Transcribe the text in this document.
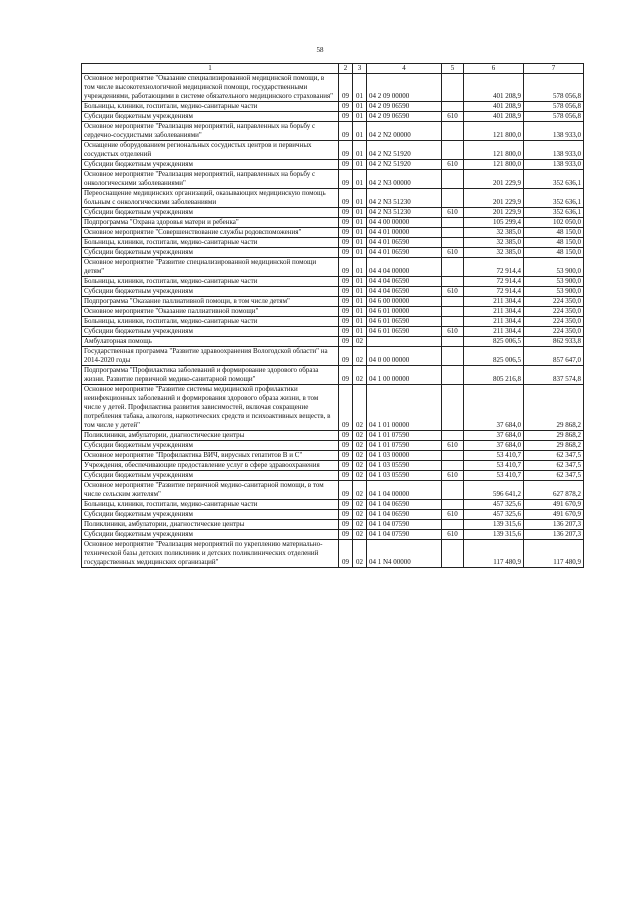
58
1	2	3	4	5	6	7
Основное мероприятие "Оказание специализированной медицинской помощи, в том числе высокотехнологичной медицинской помощи, государственными учреждениями, работающими в системе обязательного медицинского страхования"	09	01	04 2 09 00000		401 208,9	578 056,8
Больницы, клиники, госпитали, медико-санитарные части	09	01	04 2 09 06590		401 208,9	578 056,8
Субсидии бюджетным учреждениям	09	01	04 2 09 06590	610	401 208,9	578 056,8
Основное мероприятие "Реализация мероприятий, направленных на борьбу с сердечно-сосудистыми заболеваниями"	09	01	04 2 N2 00000		121 800,0	138 933,0
Оснащение оборудованием региональных сосудистых центров и первичных сосудистых отделений	09	01	04 2 N2 51920		121 800,0	138 933,0
Субсидии бюджетным учреждениям	09	01	04 2 N2 51920	610	121 800,0	138 933,0
Основное мероприятие "Реализация мероприятий, направленных на борьбу с онкологическими заболеваниями"	09	01	04 2 N3 00000		201 229,9	352 636,1
Переоснащение медицинских организаций, оказывающих медицинскую помощь больным с онкологическими заболеваниями	09	01	04 2 N3 51230		201 229,9	352 636,1
Субсидии бюджетным учреждениям	09	01	04 2 N3 51230	610	201 229,9	352 636,1
Подпрограмма "Охрана здоровья матери и ребенка"	09	01	04 4 00 00000		105 299,4	102 050,0
Основное мероприятие "Совершенствование службы родовспоможения"	09	01	04 4 01 00000		32 385,0	48 150,0
Больницы, клиники, госпитали, медико-санитарные части	09	01	04 4 01 06590		32 385,0	48 150,0
Субсидии бюджетным учреждениям	09	01	04 4 01 06590	610	32 385,0	48 150,0
Основное мероприятие "Развитие специализированной медицинской помощи детям"	09	01	04 4 04 00000		72 914,4	53 900,0
Больницы, клиники, госпитали, медико-санитарные части	09	01	04 4 04 06590		72 914,4	53 900,0
Субсидии бюджетным учреждениям	09	01	04 4 04 06590	610	72 914,4	53 900,0
Подпрограмма "Оказание паллиативной помощи, в том числе детям"	09	01	04 6 00 00000		211 304,4	224 350,0
Основное мероприятие "Оказание паллиативной помощи"	09	01	04 6 01 00000		211 304,4	224 350,0
Больницы, клиники, госпитали, медико-санитарные части	09	01	04 6 01 06590		211 304,4	224 350,0
Субсидии бюджетным учреждениям	09	01	04 6 01 06590	610	211 304,4	224 350,0
Амбулаторная помощь	09	02			825 006,5	862 933,8
Государственная программа "Развитие здравоохранения Вологодской области" на 2014-2020 годы	09	02	04 0 00 00000		825 006,5	857 647,0
Подпрограмма "Профилактика заболеваний и формирование здорового образа жизни. Развитие первичной медико-санитарной помощи"	09	02	04 1 00 00000		805 216,8	837 574,8
Основное мероприятие "Развитие системы медицинской профилактики неинфекционных заболеваний и формирования здорового образа жизни, в том числе у детей. Профилактика развития зависимостей, включая сокращение потребления табака, алкоголя, наркотических средств и психоактивных веществ, в том числе у детей"	09	02	04 1 01 00000		37 684,0	29 868,2
Поликлиники, амбулатории, диагностические центры	09	02	04 1 01 07590		37 684,0	29 868,2
Субсидии бюджетным учреждениям	09	02	04 1 01 07590	610	37 684,0	29 868,2
Основное мероприятие "Профилактика ВИЧ, вирусных гепатитов В и С"	09	02	04 1 03 00000		53 410,7	62 347,5
Учреждения, обеспечивающие предоставление услуг в сфере здравоохранения	09	02	04 1 03 05590		53 410,7	62 347,5
Субсидии бюджетным учреждениям	09	02	04 1 03 05590	610	53 410,7	62 347,5
Основное мероприятие "Развитие первичной медико-санитарной помощи, в том числе сельским жителям"	09	02	04 1 04 00000		596 641,2	627 878,2
Больницы, клиники, госпитали, медико-санитарные части	09	02	04 1 04 06590		457 325,6	491 670,9
Субсидии бюджетным учреждениям	09	02	04 1 04 06590	610	457 325,6	491 670,9
Поликлиники, амбулатории, диагностические центры	09	02	04 1 04 07590		139 315,6	136 207,3
Субсидии бюджетным учреждениям	09	02	04 1 04 07590	610	139 315,6	136 207,3
Основное мероприятие "Реализация мероприятий по укреплению материально-технической базы детских поликлиник и детских поликлинических отделений государственных медицинских организаций"	09	02	04 1 N4 00000		117 480,9	117 480,9
